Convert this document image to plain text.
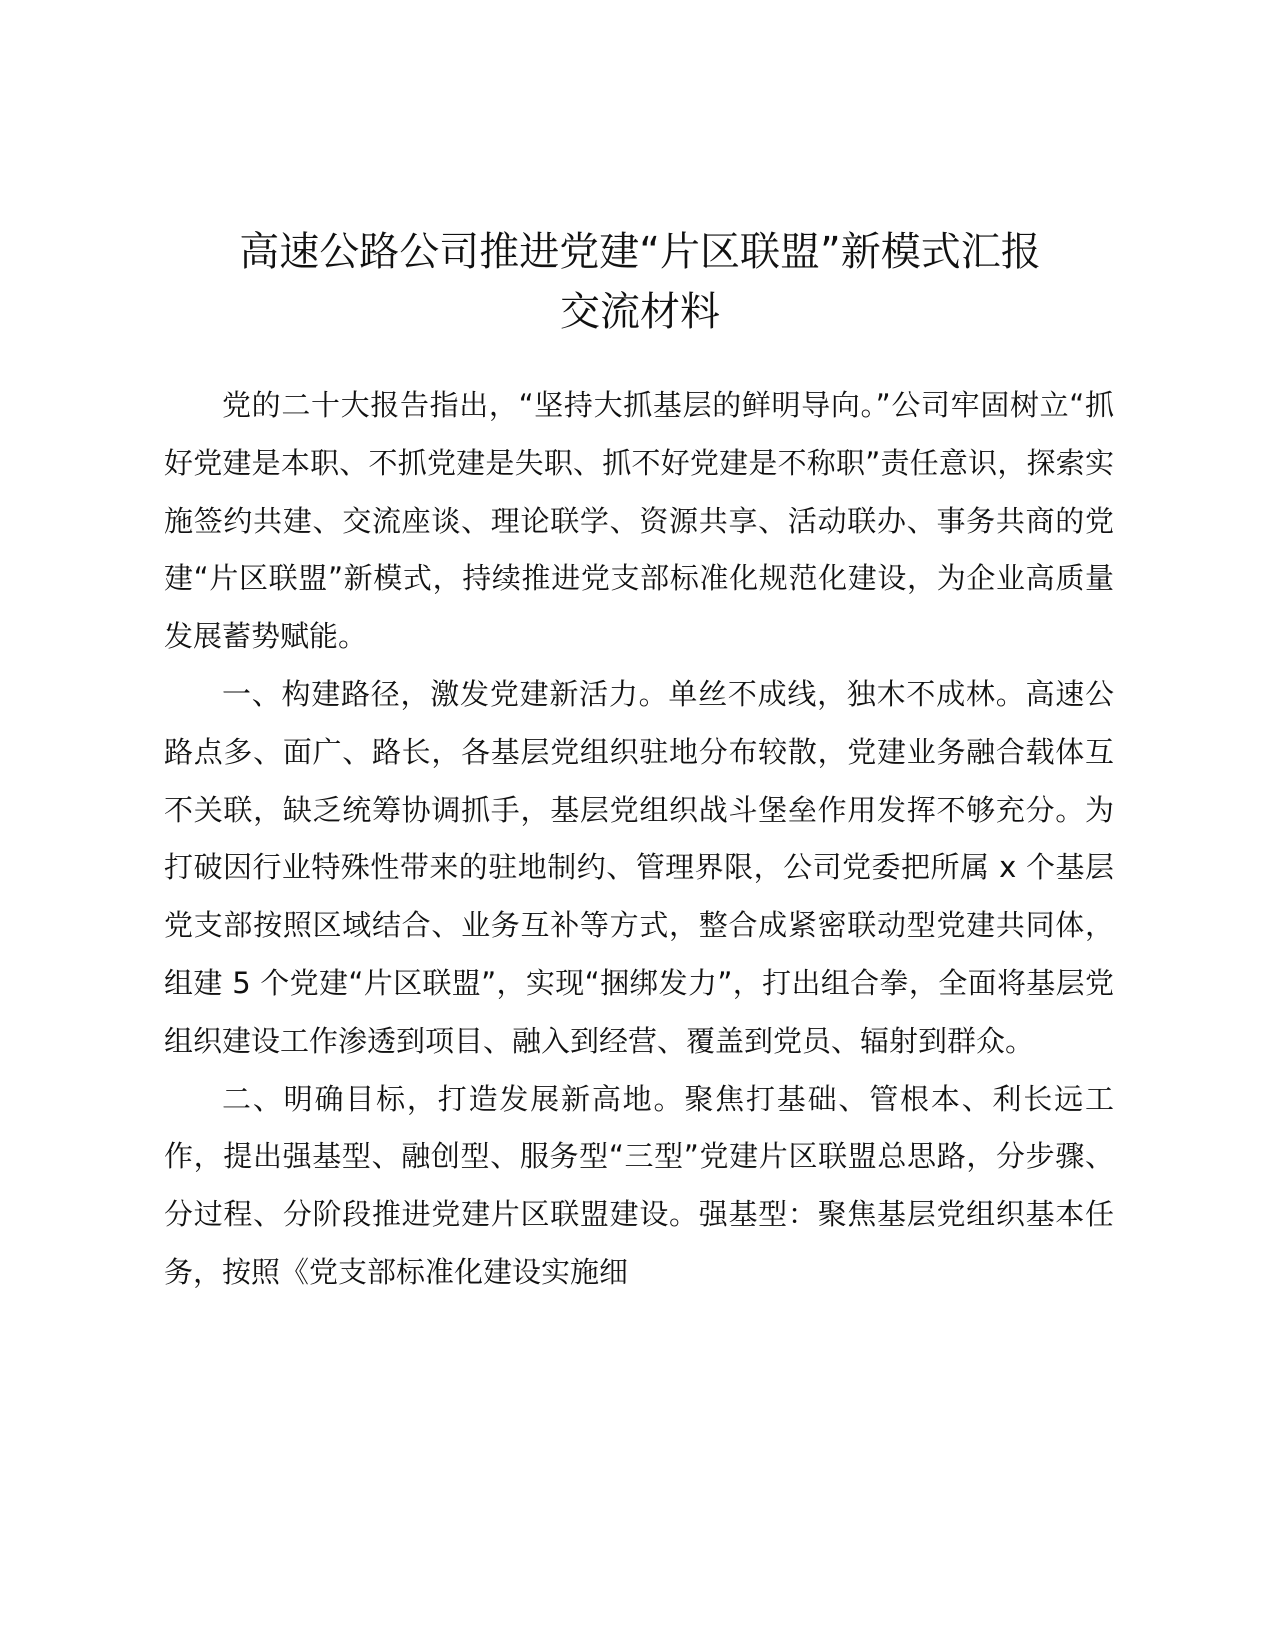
高速公路公司推进党建“片区联盟”新模式汇报
交流材料

党的二十大报告指出，“坚持大抓基层的鲜明导向。”公司牢固树立“抓好党建是本职、不抓党建是失职、抓不好党建是不称职”责任意识，探索实施签约共建、交流座谈、理论联学、资源共享、活动联办、事务共商的党建“片区联盟”新模式，持续推进党支部标准化规范化建设，为企业高质量发展蓄势赋能。

一、构建路径，激发党建新活力。单丝不成线，独木不成林。高速公路点多、面广、路长，各基层党组织驻地分布较散，党建业务融合载体互不关联，缺乏统筹协调抓手，基层党组织战斗堡垒作用发挥不够充分。为打破因行业特殊性带来的驻地制约、管理界限，公司党委把所属 x 个基层党支部按照区域结合、业务互补等方式，整合成紧密联动型党建共同体，组建 5 个党建“片区联盟”，实现“捆绑发力”，打出组合拳，全面将基层党组织建设工作渗透到项目、融入到经营、覆盖到党员、辐射到群众。

二、明确目标，打造发展新高地。聚焦打基础、管根本、利长远工作，提出强基型、融创型、服务型“三型”党建片区联盟总思路，分步骤、分过程、分阶段推进党建片区联盟建设。强基型：聚焦基层党组织基本任务，按照《党支部标准化建设实施细
